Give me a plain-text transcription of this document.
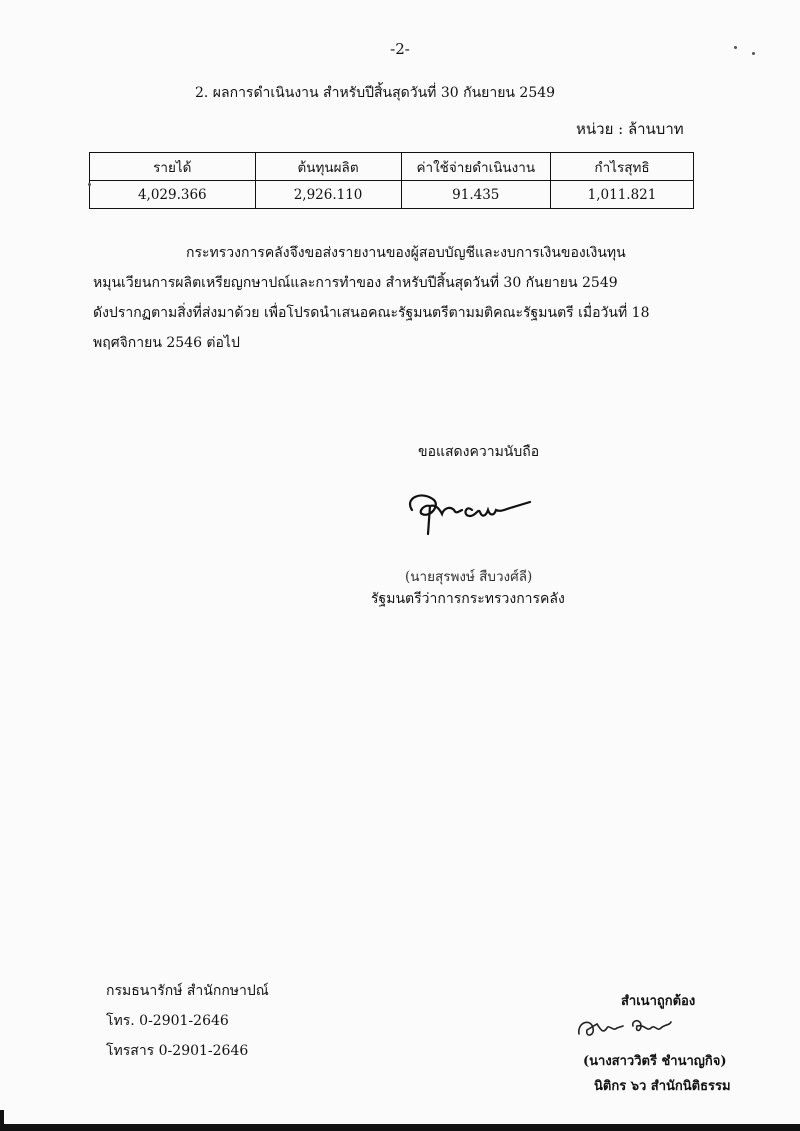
-2-
2. ผลการดำเนินงาน สำหรับปีสิ้นสุดวันที่ 30 กันยายน 2549
หน่วย : ล้านบาท
รายได้	ต้นทุนผลิต	ค่าใช้จ่ายดำเนินงาน	กำไรสุทธิ
4,029.366	2,926.110	91.435	1,011.821
กระทรวงการคลังจึงขอส่งรายงานของผู้สอบบัญชีและงบการเงินของเงินทุน
หมุนเวียนการผลิตเหรียญกษาปณ์และการทำของ สำหรับปีสิ้นสุดวันที่ 30 กันยายน 2549
ดังปรากฏตามสิ่งที่ส่งมาด้วย เพื่อโปรดนำเสนอคณะรัฐมนตรีตามมติคณะรัฐมนตรี เมื่อวันที่ 18
พฤศจิกายน 2546 ต่อไป
ขอแสดงความนับถือ
(นายสุรพงษ์ สืบวงศ์ลี)
รัฐมนตรีว่าการกระทรวงการคลัง
กรมธนารักษ์ สำนักกษาปณ์
โทร. 0-2901-2646
โทรสาร 0-2901-2646
สำเนาถูกต้อง
(นางสาววิตรี ชำนาญกิจ)
นิติกร ๖ว สำนักนิติธรรม
